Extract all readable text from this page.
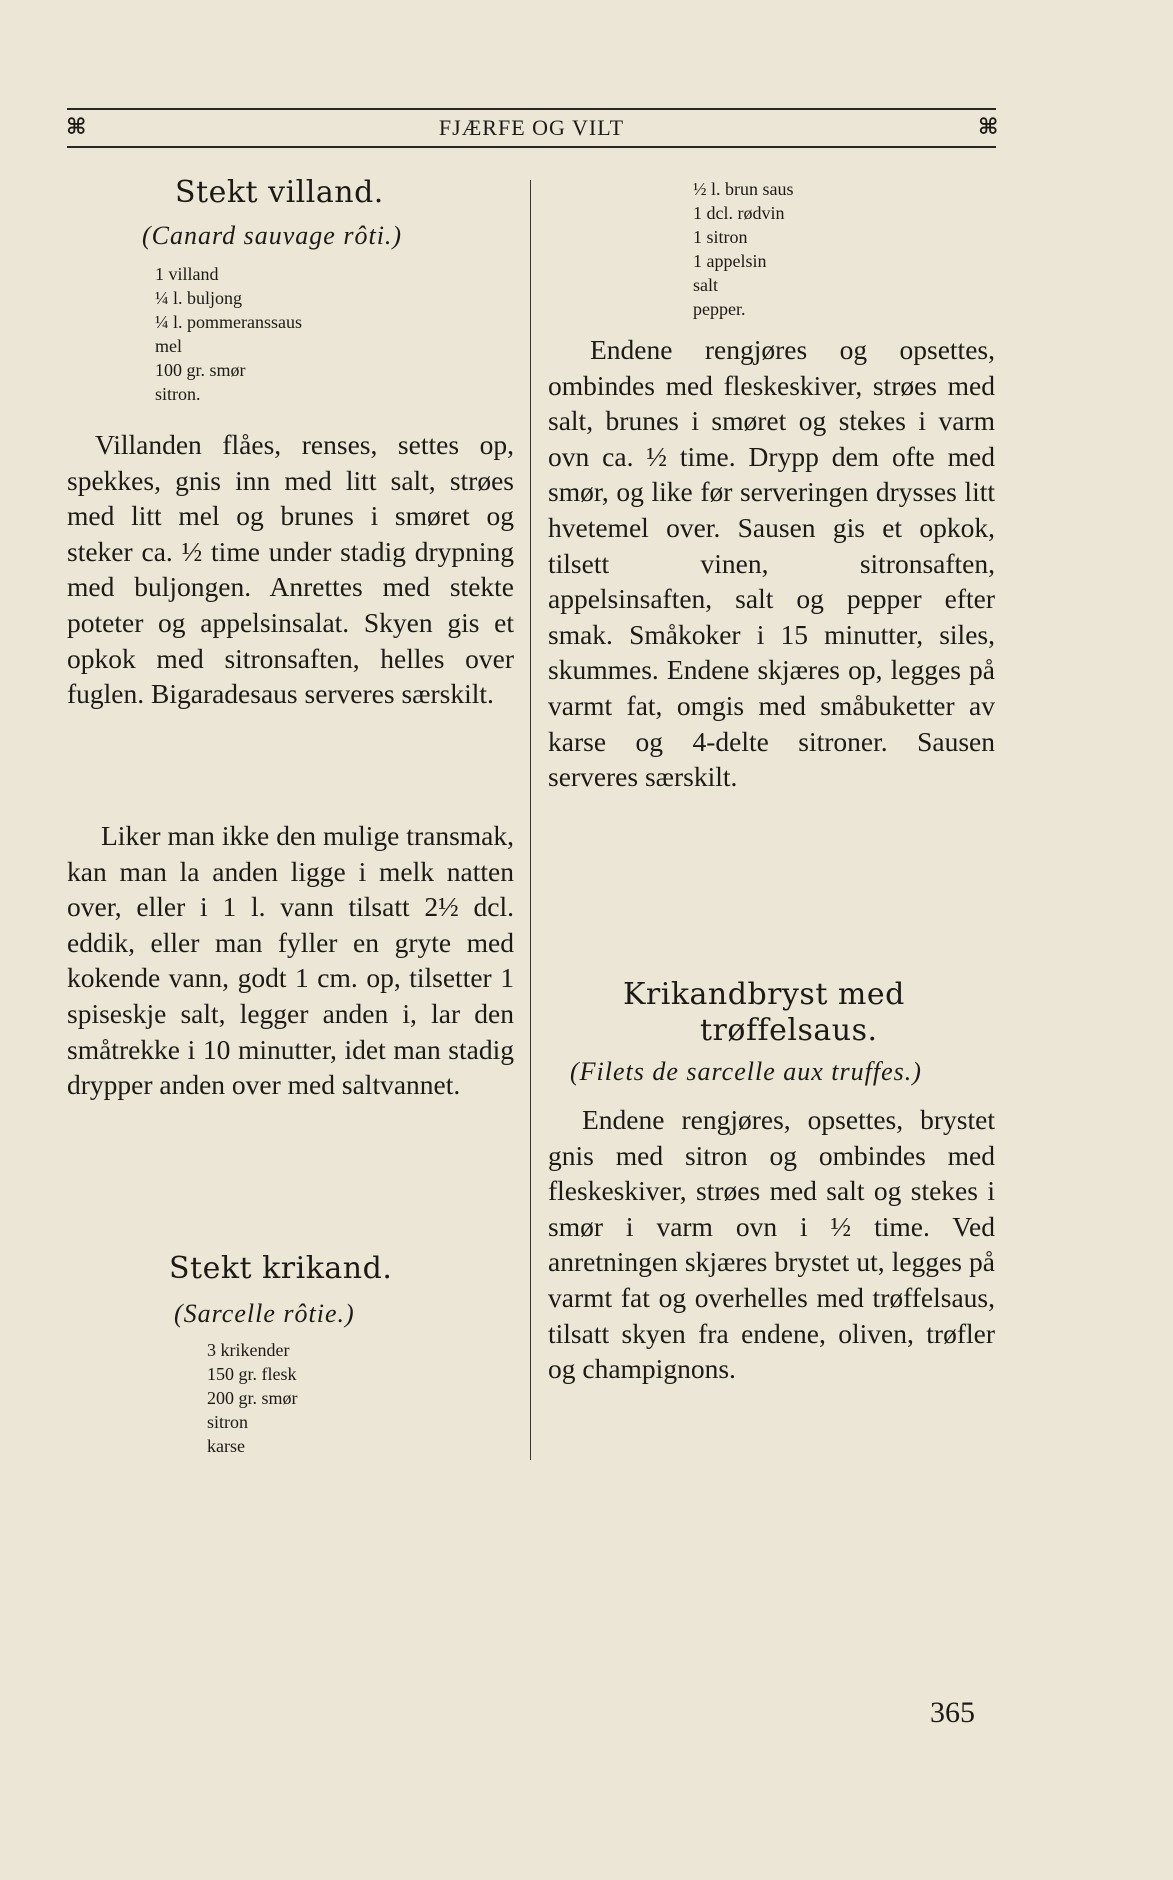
⌘	FJÆRFE OG VILT	⌘
Stekt villand.
(Canard sauvage rôti.)
1 villand
¼ l. buljong
¼ l. pommeranssaus
mel
100 gr. smør
sitron.

Villanden flåes, renses, settes op, spekkes, gnis inn med litt salt, strøes med litt mel og brunes i smøret og steker ca. ½ time under stadig drypning med buljongen. Anrettes med stekte poteter og appelsinsalat. Skyen gis et opkok med sitronsaften, helles over fuglen. Bigaradesaus serveres særskilt.

Liker man ikke den mulige transmak, kan man la anden ligge i melk natten over, eller i 1 l. vann tilsatt 2½ dcl. eddik, eller man fyller en gryte med kokende vann, godt 1 cm. op, tilsetter 1 spiseskje salt, legger anden i, lar den småtrekke i 10 minutter, idet man stadig drypper anden over med saltvannet.

Stekt krikand.
(Sarcelle rôtie.)
3 krikender
150 gr. flesk
200 gr. smør
sitron
karse
½ l. brun saus
1 dcl. rødvin
1 sitron
1 appelsin
salt
pepper.

Endene rengjøres og opsettes, ombindes med fleskeskiver, strøes med salt, brunes i smøret og stekes i varm ovn ca. ½ time. Drypp dem ofte med smør, og like før serveringen drysses litt hvetemel over. Sausen gis et opkok, tilsett vinen, sitronsaften, appelsinsaften, salt og pepper efter smak. Småkoker i 15 minutter, siles, skummes. Endene skjæres op, legges på varmt fat, omgis med småbuketter av karse og 4-delte sitroner. Sausen serveres særskilt.

Krikandbryst med
trøffelsaus.
(Filets de sarcelle aux truffes.)

Endene rengjøres, opsettes, brystet gnis med sitron og ombindes med fleskeskiver, strøes med salt og stekes i smør i varm ovn i ½ time. Ved anretningen skjæres brystet ut, legges på varmt fat og overhelles med trøffelsaus, tilsatt skyen fra endene, oliven, trøfler og champignons.

365
